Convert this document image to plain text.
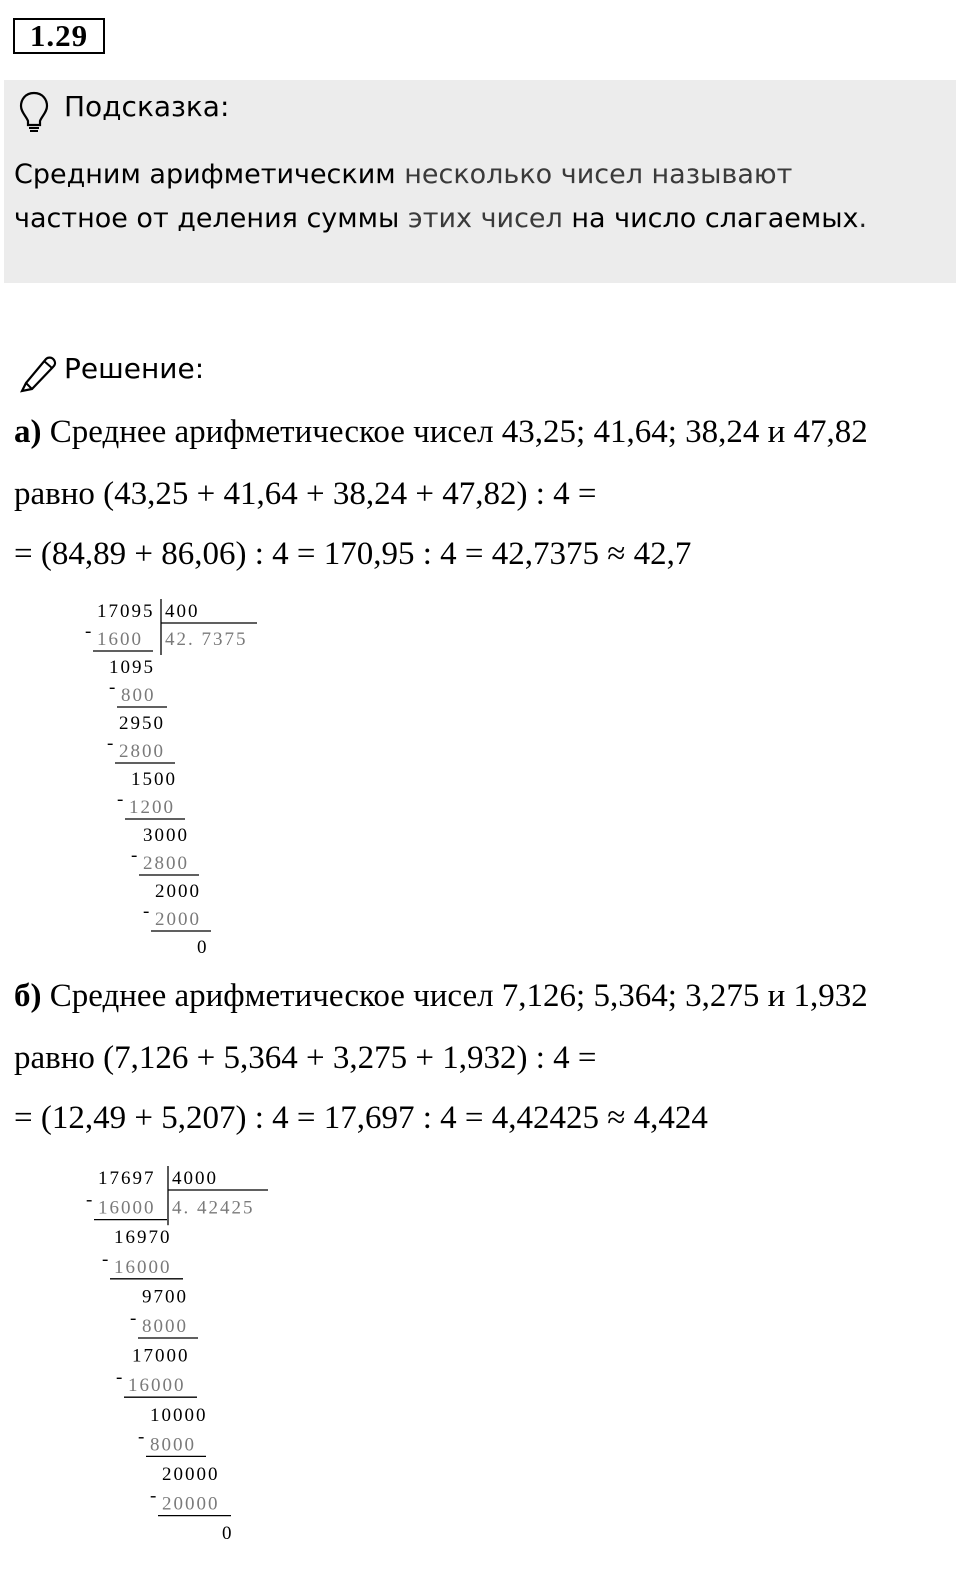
1.29
Подсказка:
Средним арифметическим несколько чисел называют
частное от деления суммы этих чисел на число слагаемых.
Решение:
а) Среднее арифметическое чисел 43,25; 41,64; 38,24 и 47,82
равно (43,25 + 41,64 + 38,24 + 47,82) : 4 =
= (84,89 + 86,06) : 4 = 170,95 : 4 = 42,7375 ≈ 42,7
17095 400
42. 7375
- 1600
1095
- 800
2950
- 2800
1500
- 1200
3000
- 2800
2000
- 2000
0
б) Среднее арифметическое чисел 7,126; 5,364; 3,275 и 1,932
равно (7,126 + 5,364 + 3,275 + 1,932) : 4 =
= (12,49 + 5,207) : 4 = 17,697 : 4 = 4,42425 ≈ 4,424
17697 4000
4. 42425
- 16000
16970
- 16000
9700
- 8000
17000
- 16000
10000
- 8000
20000
- 20000
0
